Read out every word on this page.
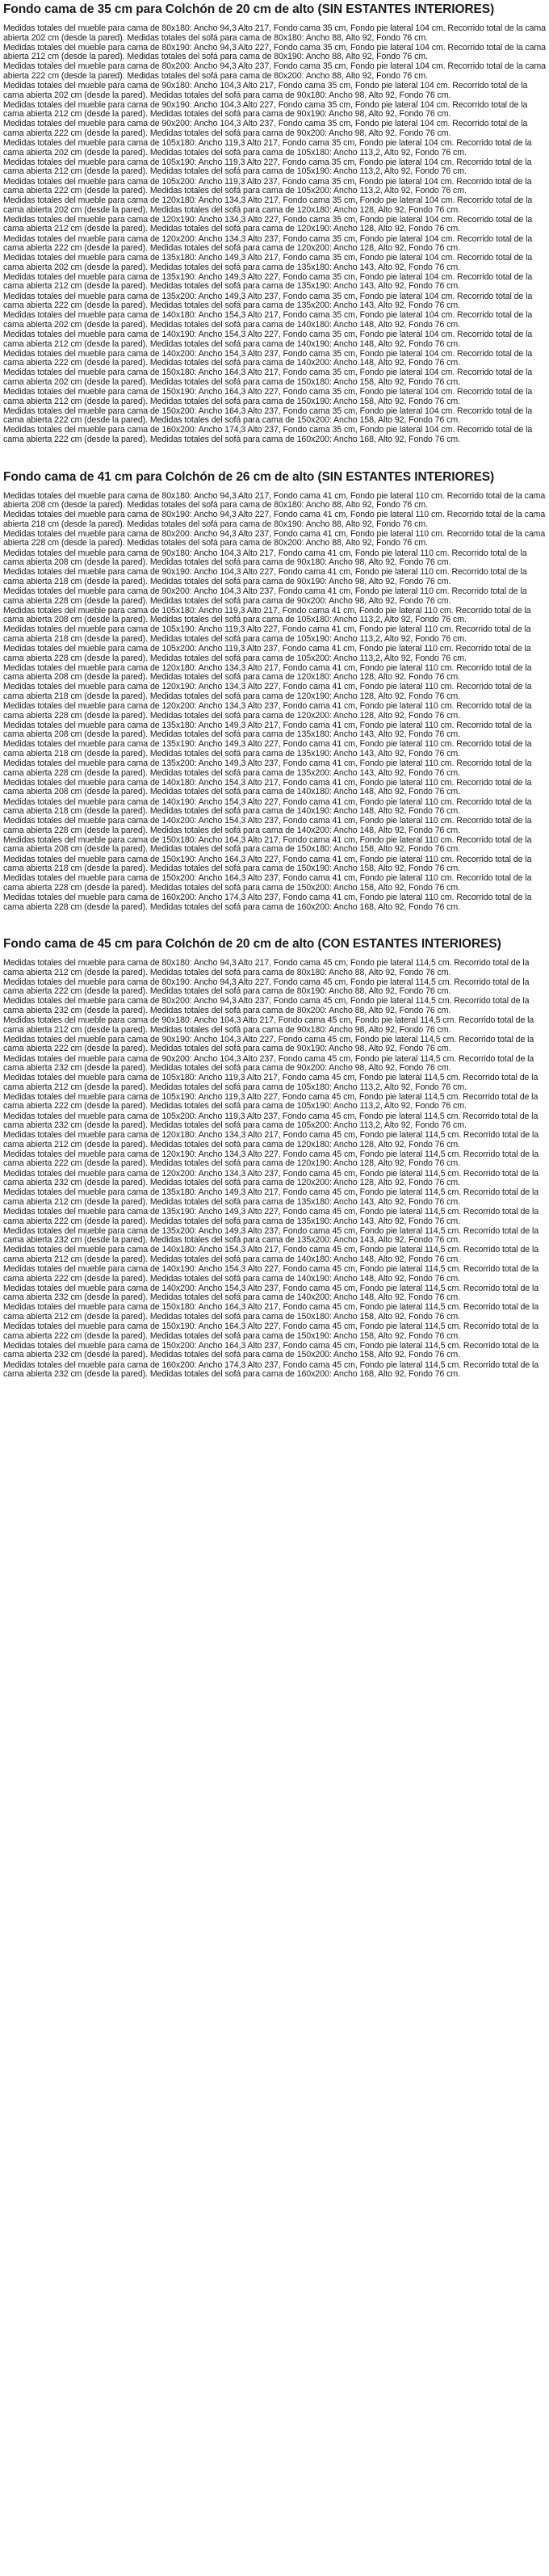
Fondo cama de 35 cm para Colchón de 20 cm de alto (SIN ESTANTES INTERIORES)

Medidas totales del mueble para cama de 80x180: Ancho 94,3 Alto 217, Fondo cama 35 cm, Fondo pie lateral 104 cm. Recorrido total de la cama abierta 202 cm (desde la pared). Medidas totales del sofá para cama de 80x180: Ancho 88, Alto 92, Fondo 76 cm.

Medidas totales del mueble para cama de 80x190: Ancho 94,3 Alto 227, Fondo cama 35 cm, Fondo pie lateral 104 cm. Recorrido total de la cama abierta 212 cm (desde la pared). Medidas totales del sofá para cama de 80x190: Ancho 88, Alto 92, Fondo 76 cm.

Medidas totales del mueble para cama de 80x200: Ancho 94,3 Alto 237, Fondo cama 35 cm, Fondo pie lateral 104 cm. Recorrido total de la cama abierta 222 cm (desde la pared). Medidas totales del sofá para cama de 80x200: Ancho 88, Alto 92, Fondo 76 cm.

Medidas totales del mueble para cama de 90x180: Ancho 104,3 Alto 217, Fondo cama 35 cm, Fondo pie lateral 104 cm. Recorrido total de la cama abierta 202 cm (desde la pared). Medidas totales del sofá para cama de 90x180: Ancho 98, Alto 92, Fondo 76 cm.

Medidas totales del mueble para cama de 90x190: Ancho 104,3 Alto 227, Fondo cama 35 cm, Fondo pie lateral 104 cm. Recorrido total de la cama abierta 212 cm (desde la pared). Medidas totales del sofá para cama de 90x190: Ancho 98, Alto 92, Fondo 76 cm.

Medidas totales del mueble para cama de 90x200: Ancho 104,3 Alto 237, Fondo cama 35 cm, Fondo pie lateral 104 cm. Recorrido total de la cama abierta 222 cm (desde la pared). Medidas totales del sofá para cama de 90x200: Ancho 98, Alto 92, Fondo 76 cm.

Medidas totales del mueble para cama de 105x180: Ancho 119,3 Alto 217, Fondo cama 35 cm, Fondo pie lateral 104 cm. Recorrido total de la cama abierta 202 cm (desde la pared). Medidas totales del sofá para cama de 105x180: Ancho 113,2, Alto 92, Fondo 76 cm.

Medidas totales del mueble para cama de 105x190: Ancho 119,3 Alto 227, Fondo cama 35 cm, Fondo pie lateral 104 cm. Recorrido total de la cama abierta 212 cm (desde la pared). Medidas totales del sofá para cama de 105x190: Ancho 113,2, Alto 92, Fondo 76 cm.

Medidas totales del mueble para cama de 105x200: Ancho 119,3 Alto 237, Fondo cama 35 cm, Fondo pie lateral 104 cm. Recorrido total de la cama abierta 222 cm (desde la pared). Medidas totales del sofá para cama de 105x200: Ancho 113,2, Alto 92, Fondo 76 cm.

Medidas totales del mueble para cama de 120x180: Ancho 134,3 Alto 217, Fondo cama 35 cm, Fondo pie lateral 104 cm. Recorrido total de la cama abierta 202 cm (desde la pared). Medidas totales del sofá para cama de 120x180: Ancho 128, Alto 92, Fondo 76 cm.

Medidas totales del mueble para cama de 120x190: Ancho 134,3 Alto 227, Fondo cama 35 cm, Fondo pie lateral 104 cm. Recorrido total de la cama abierta 212 cm (desde la pared). Medidas totales del sofá para cama de 120x190: Ancho 128, Alto 92, Fondo 76 cm.

Medidas totales del mueble para cama de 120x200: Ancho 134,3 Alto 237, Fondo cama 35 cm, Fondo pie lateral 104 cm. Recorrido total de la cama abierta 222 cm (desde la pared). Medidas totales del sofá para cama de 120x200: Ancho 128, Alto 92, Fondo 76 cm.

Medidas totales del mueble para cama de 135x180: Ancho 149,3 Alto 217, Fondo cama 35 cm, Fondo pie lateral 104 cm. Recorrido total de la cama abierta 202 cm (desde la pared). Medidas totales del sofá para cama de 135x180: Ancho 143, Alto 92, Fondo 76 cm.

Medidas totales del mueble para cama de 135x190: Ancho 149,3 Alto 227, Fondo cama 35 cm, Fondo pie lateral 104 cm. Recorrido total de la cama abierta 212 cm (desde la pared). Medidas totales del sofá para cama de 135x190: Ancho 143, Alto 92, Fondo 76 cm.

Medidas totales del mueble para cama de 135x200: Ancho 149,3 Alto 237, Fondo cama 35 cm, Fondo pie lateral 104 cm. Recorrido total de la cama abierta 222 cm (desde la pared). Medidas totales del sofá para cama de 135x200: Ancho 143, Alto 92, Fondo 76 cm.

Medidas totales del mueble para cama de 140x180: Ancho 154,3 Alto 217, Fondo cama 35 cm, Fondo pie lateral 104 cm. Recorrido total de la cama abierta 202 cm (desde la pared). Medidas totales del sofá para cama de 140x180: Ancho 148, Alto 92, Fondo 76 cm.

Medidas totales del mueble para cama de 140x190: Ancho 154,3 Alto 227, Fondo cama 35 cm, Fondo pie lateral 104 cm. Recorrido total de la cama abierta 212 cm (desde la pared). Medidas totales del sofá para cama de 140x190: Ancho 148, Alto 92, Fondo 76 cm.

Medidas totales del mueble para cama de 140x200: Ancho 154,3 Alto 237, Fondo cama 35 cm, Fondo pie lateral 104 cm. Recorrido total de la cama abierta 222 cm (desde la pared). Medidas totales del sofá para cama de 140x200: Ancho 148, Alto 92, Fondo 76 cm.

Medidas totales del mueble para cama de 150x180: Ancho 164,3 Alto 217, Fondo cama 35 cm, Fondo pie lateral 104 cm. Recorrido total de la cama abierta 202 cm (desde la pared). Medidas totales del sofá para cama de 150x180: Ancho 158, Alto 92, Fondo 76 cm.

Medidas totales del mueble para cama de 150x190: Ancho 164,3 Alto 227, Fondo cama 35 cm, Fondo pie lateral 104 cm. Recorrido total de la cama abierta 212 cm (desde la pared). Medidas totales del sofá para cama de 150x190: Ancho 158, Alto 92, Fondo 76 cm.

Medidas totales del mueble para cama de 150x200: Ancho 164,3 Alto 237, Fondo cama 35 cm, Fondo pie lateral 104 cm. Recorrido total de la cama abierta 222 cm (desde la pared). Medidas totales del sofá para cama de 150x200: Ancho 158, Alto 92, Fondo 76 cm.

Medidas totales del mueble para cama de 160x200: Ancho 174,3 Alto 237, Fondo cama 35 cm, Fondo pie lateral 104 cm. Recorrido total de la cama abierta 222 cm (desde la pared). Medidas totales del sofá para cama de 160x200: Ancho 168, Alto 92, Fondo 76 cm.

Fondo cama de 41 cm para Colchón de 26 cm de alto (SIN ESTANTES INTERIORES)

Medidas totales del mueble para cama de 80x180: Ancho 94,3 Alto 217, Fondo cama 41 cm, Fondo pie lateral 110 cm. Recorrido total de la cama abierta 208 cm (desde la pared). Medidas totales del sofá para cama de 80x180: Ancho 88, Alto 92, Fondo 76 cm.

Medidas totales del mueble para cama de 80x190: Ancho 94,3 Alto 227, Fondo cama 41 cm, Fondo pie lateral 110 cm. Recorrido total de la cama abierta 218 cm (desde la pared). Medidas totales del sofá para cama de 80x190: Ancho 88, Alto 92, Fondo 76 cm.

Medidas totales del mueble para cama de 80x200: Ancho 94,3 Alto 237, Fondo cama 41 cm, Fondo pie lateral 110 cm. Recorrido total de la cama abierta 228 cm (desde la pared). Medidas totales del sofá para cama de 80x200: Ancho 88, Alto 92, Fondo 76 cm.

Medidas totales del mueble para cama de 90x180: Ancho 104,3 Alto 217, Fondo cama 41 cm, Fondo pie lateral 110 cm. Recorrido total de la cama abierta 208 cm (desde la pared). Medidas totales del sofá para cama de 90x180: Ancho 98, Alto 92, Fondo 76 cm.

Medidas totales del mueble para cama de 90x190: Ancho 104,3 Alto 227, Fondo cama 41 cm, Fondo pie lateral 110 cm. Recorrido total de la cama abierta 218 cm (desde la pared). Medidas totales del sofá para cama de 90x190: Ancho 98, Alto 92, Fondo 76 cm.

Medidas totales del mueble para cama de 90x200: Ancho 104,3 Alto 237, Fondo cama 41 cm, Fondo pie lateral 110 cm. Recorrido total de la cama abierta 228 cm (desde la pared). Medidas totales del sofá para cama de 90x200: Ancho 98, Alto 92, Fondo 76 cm.

Medidas totales del mueble para cama de 105x180: Ancho 119,3 Alto 217, Fondo cama 41 cm, Fondo pie lateral 110 cm. Recorrido total de la cama abierta 208 cm (desde la pared). Medidas totales del sofá para cama de 105x180: Ancho 113,2, Alto 92, Fondo 76 cm.

Medidas totales del mueble para cama de 105x190: Ancho 119,3 Alto 227, Fondo cama 41 cm, Fondo pie lateral 110 cm. Recorrido total de la cama abierta 218 cm (desde la pared). Medidas totales del sofá para cama de 105x190: Ancho 113,2, Alto 92, Fondo 76 cm.

Medidas totales del mueble para cama de 105x200: Ancho 119,3 Alto 237, Fondo cama 41 cm, Fondo pie lateral 110 cm. Recorrido total de la cama abierta 228 cm (desde la pared). Medidas totales del sofá para cama de 105x200: Ancho 113,2, Alto 92, Fondo 76 cm.

Medidas totales del mueble para cama de 120x180: Ancho 134,3 Alto 217, Fondo cama 41 cm, Fondo pie lateral 110 cm. Recorrido total de la cama abierta 208 cm (desde la pared). Medidas totales del sofá para cama de 120x180: Ancho 128, Alto 92, Fondo 76 cm.

Medidas totales del mueble para cama de 120x190: Ancho 134,3 Alto 227, Fondo cama 41 cm, Fondo pie lateral 110 cm. Recorrido total de la cama abierta 218 cm (desde la pared). Medidas totales del sofá para cama de 120x190: Ancho 128, Alto 92, Fondo 76 cm.

Medidas totales del mueble para cama de 120x200: Ancho 134,3 Alto 237, Fondo cama 41 cm, Fondo pie lateral 110 cm. Recorrido total de la cama abierta 228 cm (desde la pared). Medidas totales del sofá para cama de 120x200: Ancho 128, Alto 92, Fondo 76 cm.

Medidas totales del mueble para cama de 135x180: Ancho 149,3 Alto 217, Fondo cama 41 cm, Fondo pie lateral 110 cm. Recorrido total de la cama abierta 208 cm (desde la pared). Medidas totales del sofá para cama de 135x180: Ancho 143, Alto 92, Fondo 76 cm.

Medidas totales del mueble para cama de 135x190: Ancho 149,3 Alto 227, Fondo cama 41 cm, Fondo pie lateral 110 cm. Recorrido total de la cama abierta 218 cm (desde la pared). Medidas totales del sofá para cama de 135x190: Ancho 143, Alto 92, Fondo 76 cm.

Medidas totales del mueble para cama de 135x200: Ancho 149,3 Alto 237, Fondo cama 41 cm, Fondo pie lateral 110 cm. Recorrido total de la cama abierta 228 cm (desde la pared). Medidas totales del sofá para cama de 135x200: Ancho 143, Alto 92, Fondo 76 cm.

Medidas totales del mueble para cama de 140x180: Ancho 154,3 Alto 217, Fondo cama 41 cm, Fondo pie lateral 110 cm. Recorrido total de la cama abierta 208 cm (desde la pared). Medidas totales del sofá para cama de 140x180: Ancho 148, Alto 92, Fondo 76 cm.

Medidas totales del mueble para cama de 140x190: Ancho 154,3 Alto 227, Fondo cama 41 cm, Fondo pie lateral 110 cm. Recorrido total de la cama abierta 218 cm (desde la pared). Medidas totales del sofá para cama de 140x190: Ancho 148, Alto 92, Fondo 76 cm.

Medidas totales del mueble para cama de 140x200: Ancho 154,3 Alto 237, Fondo cama 41 cm, Fondo pie lateral 110 cm. Recorrido total de la cama abierta 228 cm (desde la pared). Medidas totales del sofá para cama de 140x200: Ancho 148, Alto 92, Fondo 76 cm.

Medidas totales del mueble para cama de 150x180: Ancho 164,3 Alto 217, Fondo cama 41 cm, Fondo pie lateral 110 cm. Recorrido total de la cama abierta 208 cm (desde la pared). Medidas totales del sofá para cama de 150x180: Ancho 158, Alto 92, Fondo 76 cm.

Medidas totales del mueble para cama de 150x190: Ancho 164,3 Alto 227, Fondo cama 41 cm, Fondo pie lateral 110 cm. Recorrido total de la cama abierta 218 cm (desde la pared). Medidas totales del sofá para cama de 150x190: Ancho 158, Alto 92, Fondo 76 cm.

Medidas totales del mueble para cama de 150x200: Ancho 164,3 Alto 237, Fondo cama 41 cm, Fondo pie lateral 110 cm. Recorrido total de la cama abierta 228 cm (desde la pared). Medidas totales del sofá para cama de 150x200: Ancho 158, Alto 92, Fondo 76 cm.

Medidas totales del mueble para cama de 160x200: Ancho 174,3 Alto 237, Fondo cama 41 cm, Fondo pie lateral 110 cm. Recorrido total de la cama abierta 228 cm (desde la pared). Medidas totales del sofá para cama de 160x200: Ancho 168, Alto 92, Fondo 76 cm.

Fondo cama de 45 cm para Colchón de 20 cm de alto (CON ESTANTES INTERIORES)

Medidas totales del mueble para cama de 80x180: Ancho 94,3 Alto 217, Fondo cama 45 cm, Fondo pie lateral 114,5 cm. Recorrido total de la cama abierta 212 cm (desde la pared). Medidas totales del sofá para cama de 80x180: Ancho 88, Alto 92, Fondo 76 cm.

Medidas totales del mueble para cama de 80x190: Ancho 94,3 Alto 227, Fondo cama 45 cm, Fondo pie lateral 114,5 cm. Recorrido total de la cama abierta 222 cm (desde la pared). Medidas totales del sofá para cama de 80x190: Ancho 88, Alto 92, Fondo 76 cm.

Medidas totales del mueble para cama de 80x200: Ancho 94,3 Alto 237, Fondo cama 45 cm, Fondo pie lateral 114,5 cm. Recorrido total de la cama abierta 232 cm (desde la pared). Medidas totales del sofá para cama de 80x200: Ancho 88, Alto 92, Fondo 76 cm.

Medidas totales del mueble para cama de 90x180: Ancho 104,3 Alto 217, Fondo cama 45 cm, Fondo pie lateral 114,5 cm. Recorrido total de la cama abierta 212 cm (desde la pared). Medidas totales del sofá para cama de 90x180: Ancho 98, Alto 92, Fondo 76 cm.

Medidas totales del mueble para cama de 90x190: Ancho 104,3 Alto 227, Fondo cama 45 cm, Fondo pie lateral 114,5 cm. Recorrido total de la cama abierta 222 cm (desde la pared). Medidas totales del sofá para cama de 90x190: Ancho 98, Alto 92, Fondo 76 cm.

Medidas totales del mueble para cama de 90x200: Ancho 104,3 Alto 237, Fondo cama 45 cm, Fondo pie lateral 114,5 cm. Recorrido total de la cama abierta 232 cm (desde la pared). Medidas totales del sofá para cama de 90x200: Ancho 98, Alto 92, Fondo 76 cm.

Medidas totales del mueble para cama de 105x180: Ancho 119,3 Alto 217, Fondo cama 45 cm, Fondo pie lateral 114,5 cm. Recorrido total de la cama abierta 212 cm (desde la pared). Medidas totales del sofá para cama de 105x180: Ancho 113,2, Alto 92, Fondo 76 cm.

Medidas totales del mueble para cama de 105x190: Ancho 119,3 Alto 227, Fondo cama 45 cm, Fondo pie lateral 114,5 cm. Recorrido total de la cama abierta 222 cm (desde la pared). Medidas totales del sofá para cama de 105x190: Ancho 113,2, Alto 92, Fondo 76 cm.

Medidas totales del mueble para cama de 105x200: Ancho 119,3 Alto 237, Fondo cama 45 cm, Fondo pie lateral 114,5 cm. Recorrido total de la cama abierta 232 cm (desde la pared). Medidas totales del sofá para cama de 105x200: Ancho 113,2, Alto 92, Fondo 76 cm.

Medidas totales del mueble para cama de 120x180: Ancho 134,3 Alto 217, Fondo cama 45 cm, Fondo pie lateral 114,5 cm. Recorrido total de la cama abierta 212 cm (desde la pared). Medidas totales del sofá para cama de 120x180: Ancho 128, Alto 92, Fondo 76 cm.

Medidas totales del mueble para cama de 120x190: Ancho 134,3 Alto 227, Fondo cama 45 cm, Fondo pie lateral 114,5 cm. Recorrido total de la cama abierta 222 cm (desde la pared). Medidas totales del sofá para cama de 120x190: Ancho 128, Alto 92, Fondo 76 cm.

Medidas totales del mueble para cama de 120x200: Ancho 134,3 Alto 237, Fondo cama 45 cm, Fondo pie lateral 114,5 cm. Recorrido total de la cama abierta 232 cm (desde la pared). Medidas totales del sofá para cama de 120x200: Ancho 128, Alto 92, Fondo 76 cm.

Medidas totales del mueble para cama de 135x180: Ancho 149,3 Alto 217, Fondo cama 45 cm, Fondo pie lateral 114,5 cm. Recorrido total de la cama abierta 212 cm (desde la pared). Medidas totales del sofá para cama de 135x180: Ancho 143, Alto 92, Fondo 76 cm.

Medidas totales del mueble para cama de 135x190: Ancho 149,3 Alto 227, Fondo cama 45 cm, Fondo pie lateral 114,5 cm. Recorrido total de la cama abierta 222 cm (desde la pared). Medidas totales del sofá para cama de 135x190: Ancho 143, Alto 92, Fondo 76 cm.

Medidas totales del mueble para cama de 135x200: Ancho 149,3 Alto 237, Fondo cama 45 cm, Fondo pie lateral 114,5 cm. Recorrido total de la cama abierta 232 cm (desde la pared). Medidas totales del sofá para cama de 135x200: Ancho 143, Alto 92, Fondo 76 cm.

Medidas totales del mueble para cama de 140x180: Ancho 154,3 Alto 217, Fondo cama 45 cm, Fondo pie lateral 114,5 cm. Recorrido total de la cama abierta 212 cm (desde la pared). Medidas totales del sofá para cama de 140x180: Ancho 148, Alto 92, Fondo 76 cm.

Medidas totales del mueble para cama de 140x190: Ancho 154,3 Alto 227, Fondo cama 45 cm, Fondo pie lateral 114,5 cm. Recorrido total de la cama abierta 222 cm (desde la pared). Medidas totales del sofá para cama de 140x190: Ancho 148, Alto 92, Fondo 76 cm.

Medidas totales del mueble para cama de 140x200: Ancho 154,3 Alto 237, Fondo cama 45 cm, Fondo pie lateral 114,5 cm. Recorrido total de la cama abierta 232 cm (desde la pared). Medidas totales del sofá para cama de 140x200: Ancho 148, Alto 92, Fondo 76 cm.

Medidas totales del mueble para cama de 150x180: Ancho 164,3 Alto 217, Fondo cama 45 cm, Fondo pie lateral 114,5 cm. Recorrido total de la cama abierta 212 cm (desde la pared). Medidas totales del sofá para cama de 150x180: Ancho 158, Alto 92, Fondo 76 cm.

Medidas totales del mueble para cama de 150x190: Ancho 164,3 Alto 227, Fondo cama 45 cm, Fondo pie lateral 114,5 cm. Recorrido total de la cama abierta 222 cm (desde la pared). Medidas totales del sofá para cama de 150x190: Ancho 158, Alto 92, Fondo 76 cm.

Medidas totales del mueble para cama de 150x200: Ancho 164,3 Alto 237, Fondo cama 45 cm, Fondo pie lateral 114,5 cm. Recorrido total de la cama abierta 232 cm (desde la pared). Medidas totales del sofá para cama de 150x200: Ancho 158, Alto 92, Fondo 76 cm.

Medidas totales del mueble para cama de 160x200: Ancho 174,3 Alto 237, Fondo cama 45 cm, Fondo pie lateral 114,5 cm. Recorrido total de la cama abierta 232 cm (desde la pared). Medidas totales del sofá para cama de 160x200: Ancho 168, Alto 92, Fondo 76 cm.
